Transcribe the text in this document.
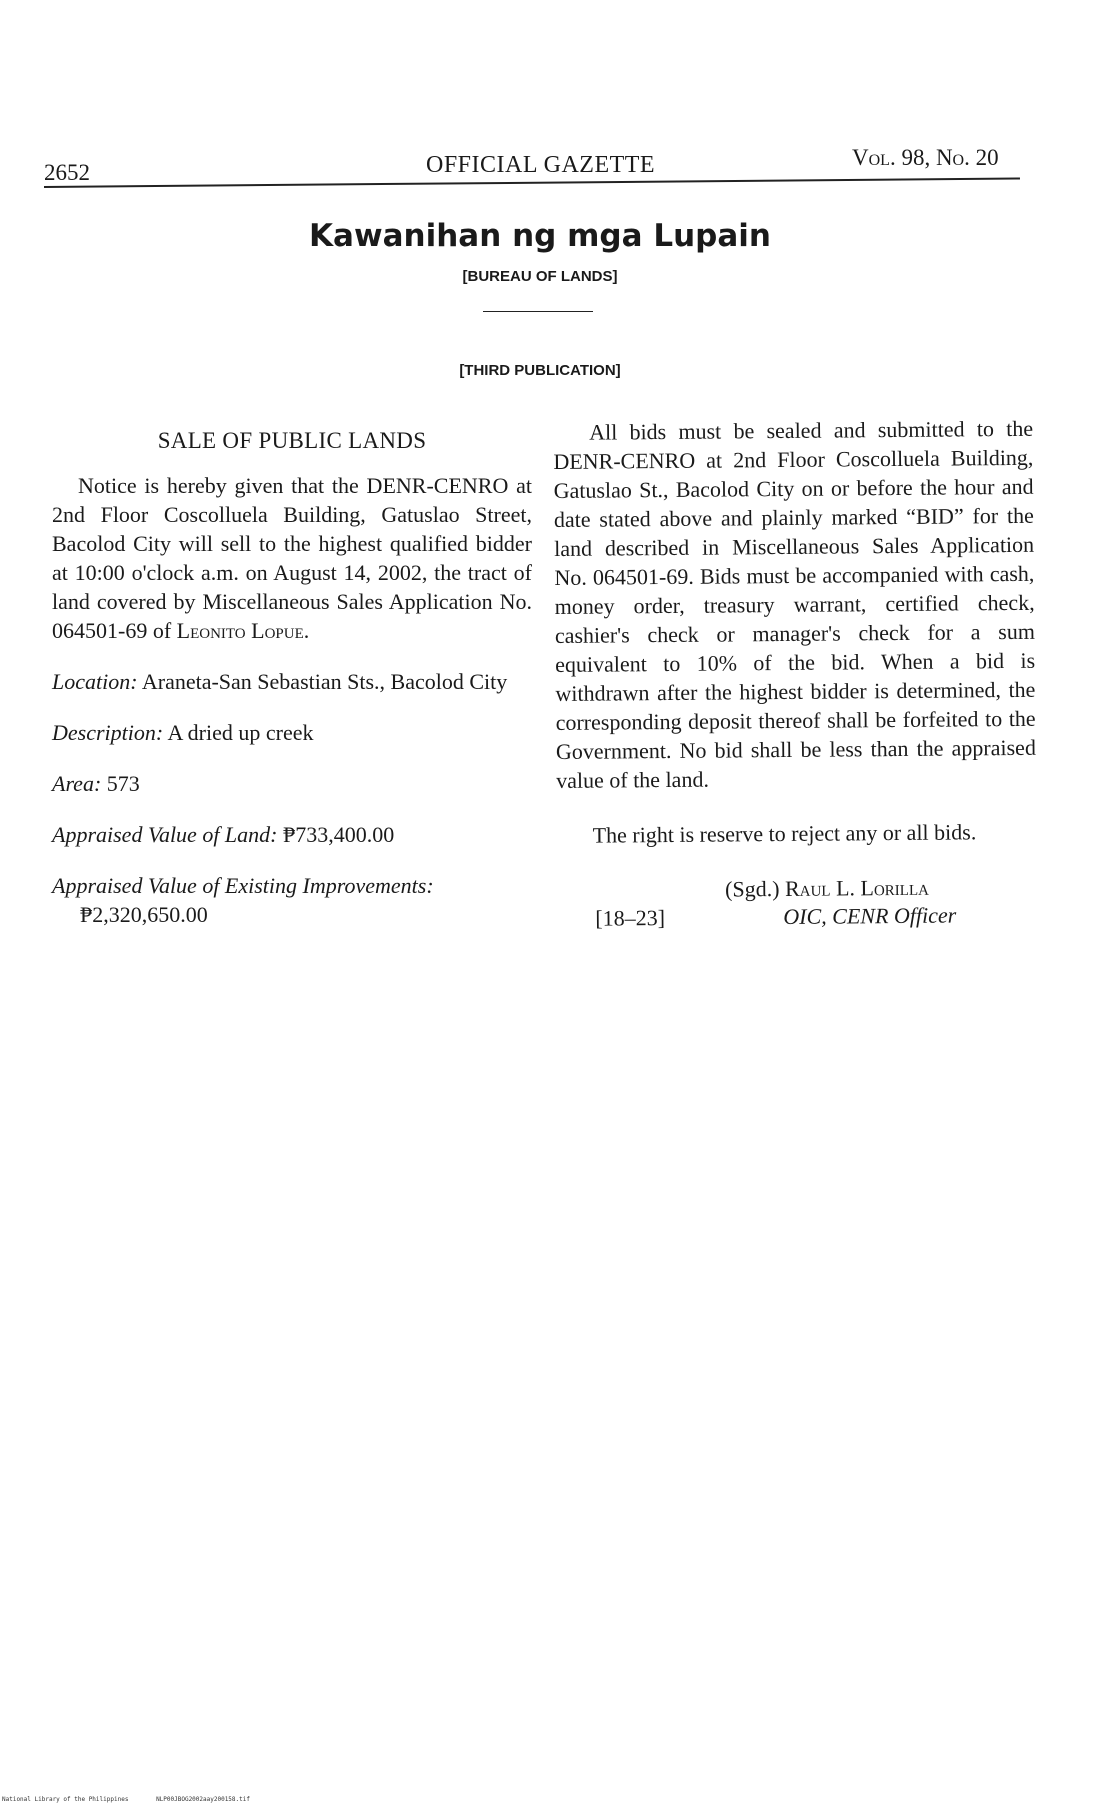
2652	OFFICIAL GAZETTE	Vol. 98, No. 20
Kawanihan ng mga Lupain
[BUREAU OF LANDS]
[THIRD PUBLICATION]
SALE OF PUBLIC LANDS

Notice is hereby given that the DENR-CENRO at 2nd Floor Coscolluela Building, Gatuslao Street, Bacolod City will sell to the highest qualified bidder at 10:00 o'clock a.m. on August 14, 2002, the tract of land covered by Miscellaneous Sales Application No. 064501-69 of Leonito Lopue.

Location: Araneta-San Sebastian Sts., Bacolod City
Description: A dried up creek
Area: 573
Appraised Value of Land: ₱733,400.00
Appraised Value of Existing Improvements: ₱2,320,650.00

All bids must be sealed and submitted to the DENR-CENRO at 2nd Floor Coscolluela Building, Gatuslao St., Bacolod City on or before the hour and date stated above and plainly marked “BID” for the land described in Miscellaneous Sales Application No. 064501-69. Bids must be accompanied with cash, money order, treasury warrant, certified check, cashier's check or manager's check for a sum equivalent to 10% of the bid. When a bid is withdrawn after the highest bidder is determined, the corresponding deposit thereof shall be forfeited to the Government. No bid shall be less than the appraised value of the land.

The right is reserve to reject any or all bids.

(Sgd.) Raul L. Lorilla
[18–23]	OIC, CENR Officer
National Library of the Philippines	NLP00JBOG2002aay200158.tif
